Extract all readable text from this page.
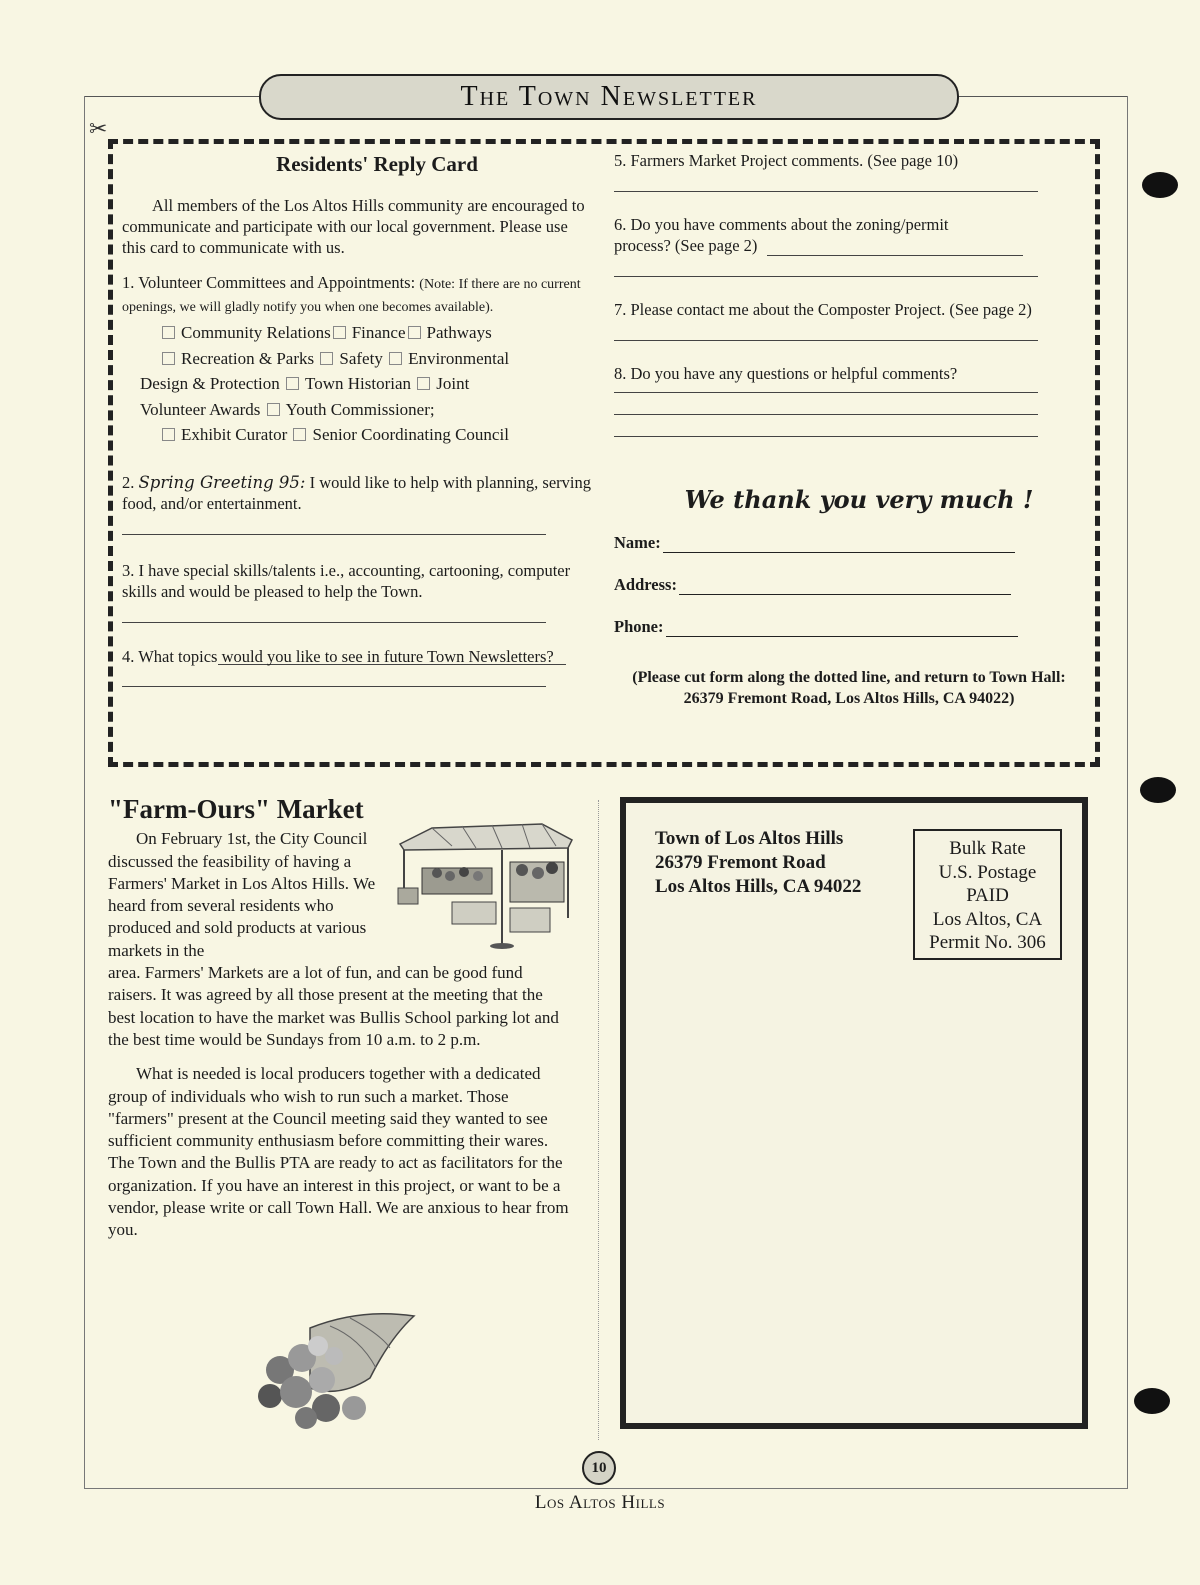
The Town Newsletter
✂
Residents' Reply Card

All members of the Los Altos Hills community are encouraged to communicate and participate with our local government. Please use this card to communicate with us.

1. Volunteer Committees and Appointments: (Note: If there are no current openings, we will gladly notify you when one becomes available).

Community Relations Finance Pathways
Recreation & Parks Safety Environmental
Design & Protection Town Historian Joint
Volunteer Awards Youth Commissioner;
Exhibit Curator Senior Coordinating Council

2. Spring Greeting 95: I would like to help with planning, serving food, and/or entertainment.

3. I have special skills/talents i.e., accounting, cartooning, computer skills and would be pleased to help the Town.

4. What topics would you like to see in future Town Newsletters?

5. Farmers Market Project comments. (See page 10)

6. Do you have comments about the zoning/permit

process? (See page 2)

7. Please contact me about the Composter Project. (See page 2)

8. Do you have any questions or helpful comments?

We thank you very much !
Name:
Address:
Phone:
(Please cut form along the dotted line, and return to Town Hall: 26379 Fremont Road, Los Altos Hills, CA 94022)
"Farm-Ours" Market

On February 1st, the City Council discussed the feasibility of having a Farmers' Market in Los Altos Hills. We heard from several residents who produced and sold products at various markets in the

area. Farmers' Markets are a lot of fun, and can be good fund raisers. It was agreed by all those present at the meeting that the best location to have the market was Bullis School parking lot and the best time would be Sundays from 10 a.m. to 2 p.m.

What is needed is local producers together with a dedicated group of individuals who wish to run such a market. Those "farmers" present at the Council meeting said they wanted to see sufficient community enthusiasm before committing their wares. The Town and the Bullis PTA are ready to act as facilitators for the organization. If you have an interest in this project, or want to be a vendor, please write or call Town Hall. We are anxious to hear from you.

Town of Los Altos Hills
26379 Fremont Road
Los Altos Hills, CA 94022
Bulk Rate
U.S. Postage
PAID
Los Altos, CA
Permit No. 306
10
Los Altos Hills
